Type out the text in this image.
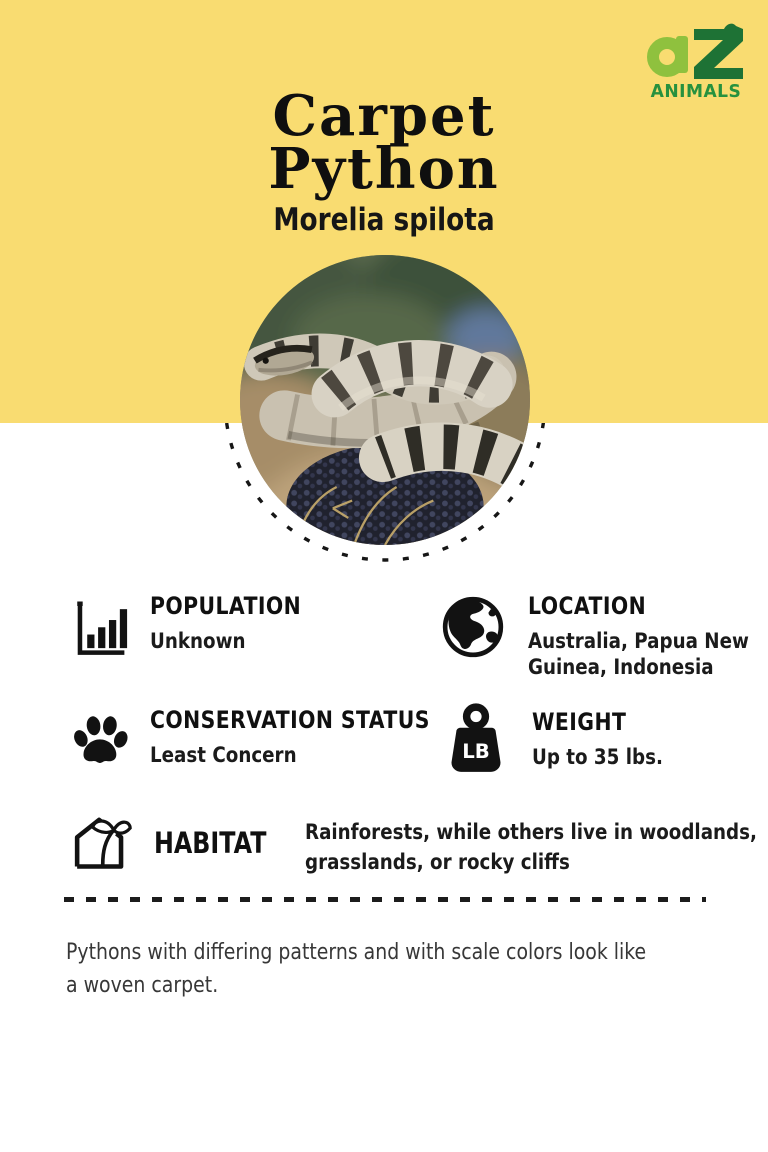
ANIMALS
Carpet
Python
Morelia spilota
POPULATION
Unknown
LOCATION
Australia, Papua New Guinea, Indonesia
CONSERVATION STATUS
Least Concern	LB
WEIGHT
Up to 35 lbs.
HABITAT Rainforests, while others live in woodlands, grasslands, or rocky cliffs

Pythons with differing patterns and with scale colors look like a woven carpet.
